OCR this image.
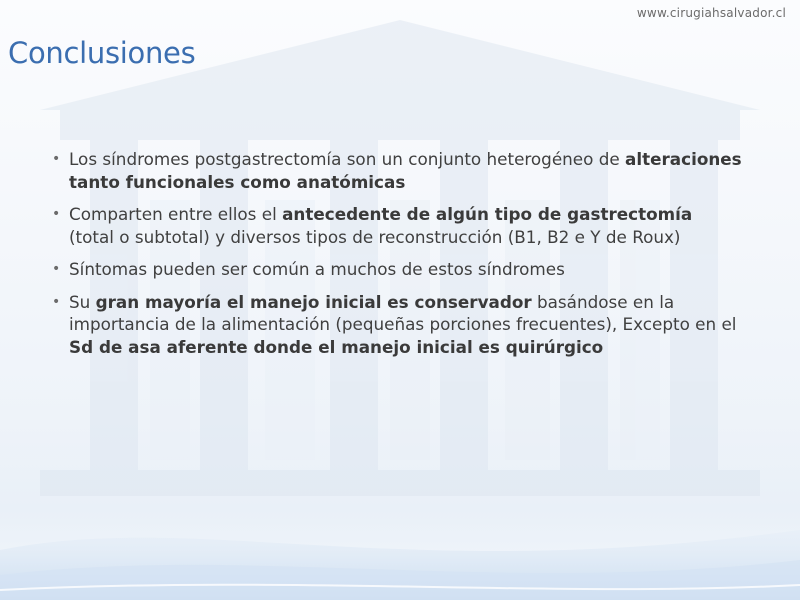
www.cirugiahsalvador.cl
Conclusiones
• Los síndromes postgastrectomía son un conjunto heterogéneo de alteraciones tanto funcionales como anatómicas
• Comparten entre ellos el antecedente de algún tipo de gastrectomía (total o subtotal) y diversos tipos de reconstrucción (B1, B2 e Y de Roux)
• Síntomas pueden ser común a muchos de estos síndromes
• Su gran mayoría el manejo inicial es conservador basándose en la importancia de la alimentación (pequeñas porciones frecuentes), Excepto en el Sd de asa aferente donde el manejo inicial es quirúrgico
